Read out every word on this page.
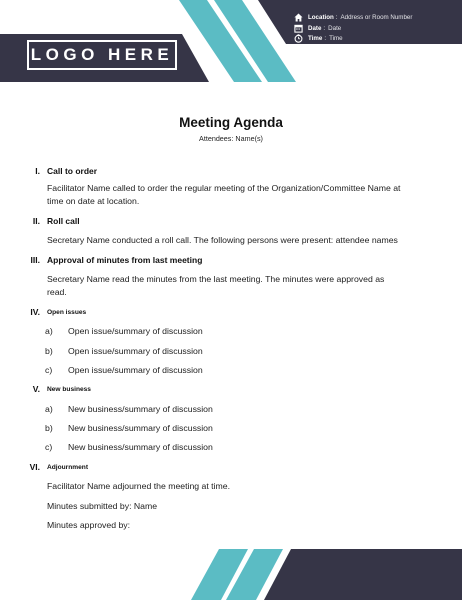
LOGO HERE
Location : Address or Room Number
Date : Date
Time : Time
Meeting Agenda
Attendees: Name(s)
I. Call to order
Facilitator Name called to order the regular meeting of the Organization/Committee Name at
time on date at location.
II. Roll call
Secretary Name conducted a roll call. The following persons were present: attendee names
III. Approval of minutes from last meeting
Secretary Name read the minutes from the last meeting. The minutes were approved as
read.
IV. Open issues
a) Open issue/summary of discussion
b) Open issue/summary of discussion
c) Open issue/summary of discussion
V. New business
a) New business/summary of discussion
b) New business/summary of discussion
c) New business/summary of discussion
VI. Adjournment
Facilitator Name adjourned the meeting at time.
Minutes submitted by: Name
Minutes approved by:
